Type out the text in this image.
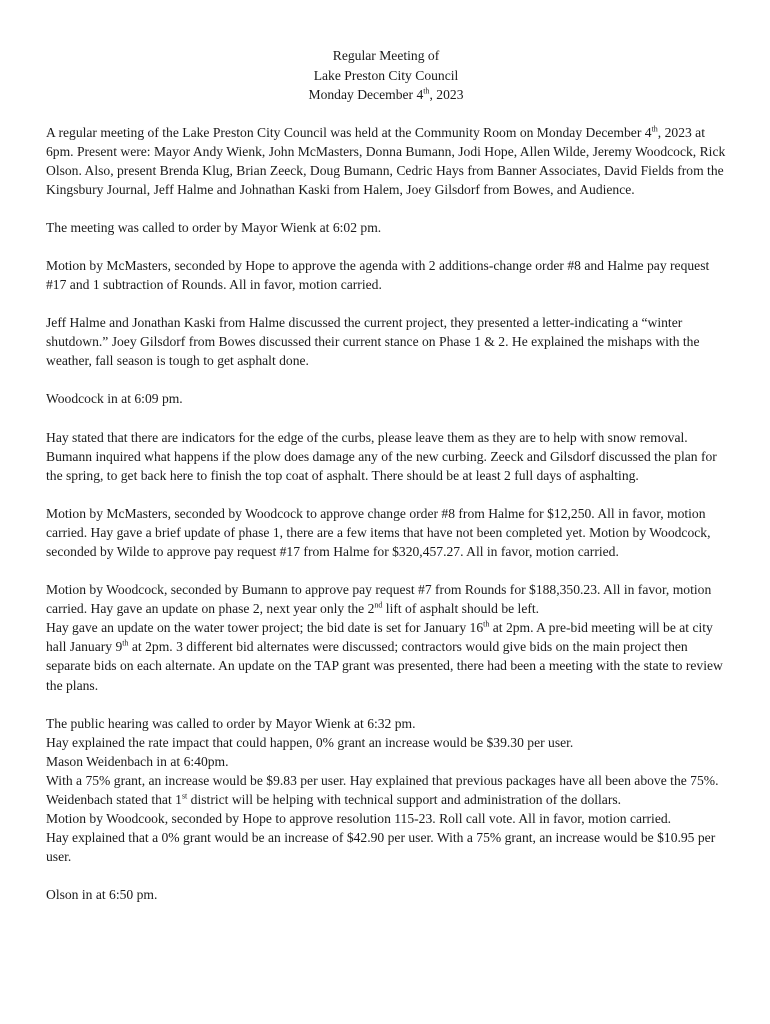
Regular Meeting of
Lake Preston City Council
Monday December 4th, 2023

A regular meeting of the Lake Preston City Council was held at the Community Room on Monday December 4th, 2023 at 6pm. Present were: Mayor Andy Wienk, John McMasters, Donna Bumann, Jodi Hope, Allen Wilde, Jeremy Woodcock, Rick Olson. Also, present Brenda Klug, Brian Zeeck, Doug Bumann, Cedric Hays from Banner Associates, David Fields from the Kingsbury Journal, Jeff Halme and Johnathan Kaski from Halem, Joey Gilsdorf from Bowes, and Audience.

The meeting was called to order by Mayor Wienk at 6:02 pm.

Motion by McMasters, seconded by Hope to approve the agenda with 2 additions-change order #8 and Halme pay request #17 and 1 subtraction of Rounds. All in favor, motion carried.

Jeff Halme and Jonathan Kaski from Halme discussed the current project, they presented a letter-indicating a “winter shutdown.” Joey Gilsdorf from Bowes discussed their current stance on Phase 1 & 2. He explained the mishaps with the weather, fall season is tough to get asphalt done.

Woodcock in at 6:09 pm.

Hay stated that there are indicators for the edge of the curbs, please leave them as they are to help with snow removal. Bumann inquired what happens if the plow does damage any of the new curbing. Zeeck and Gilsdorf discussed the plan for the spring, to get back here to finish the top coat of asphalt. There should be at least 2 full days of asphalting.

Motion by McMasters, seconded by Woodcock to approve change order #8 from Halme for $12,250. All in favor, motion carried. Hay gave a brief update of phase 1, there are a few items that have not been completed yet. Motion by Woodcock, seconded by Wilde to approve pay request #17 from Halme for $320,457.27. All in favor, motion carried.

Motion by Woodcock, seconded by Bumann to approve pay request #7 from Rounds for $188,350.23. All in favor, motion carried. Hay gave an update on phase 2, next year only the 2nd lift of asphalt should be left.

Hay gave an update on the water tower project; the bid date is set for January 16th at 2pm. A pre-bid meeting will be at city hall January 9th at 2pm. 3 different bid alternates were discussed; contractors would give bids on the main project then separate bids on each alternate. An update on the TAP grant was presented, there had been a meeting with the state to review the plans.

The public hearing was called to order by Mayor Wienk at 6:32 pm.

Hay explained the rate impact that could happen, 0% grant an increase would be $39.30 per user.

Mason Weidenbach in at 6:40pm.

With a 75% grant, an increase would be $9.83 per user. Hay explained that previous packages have all been above the 75%. Weidenbach stated that 1st district will be helping with technical support and administration of the dollars.

Motion by Woodcook, seconded by Hope to approve resolution 115-23. Roll call vote. All in favor, motion carried.

Hay explained that a 0% grant would be an increase of $42.90 per user. With a 75% grant, an increase would be $10.95 per user.

Olson in at 6:50 pm.
